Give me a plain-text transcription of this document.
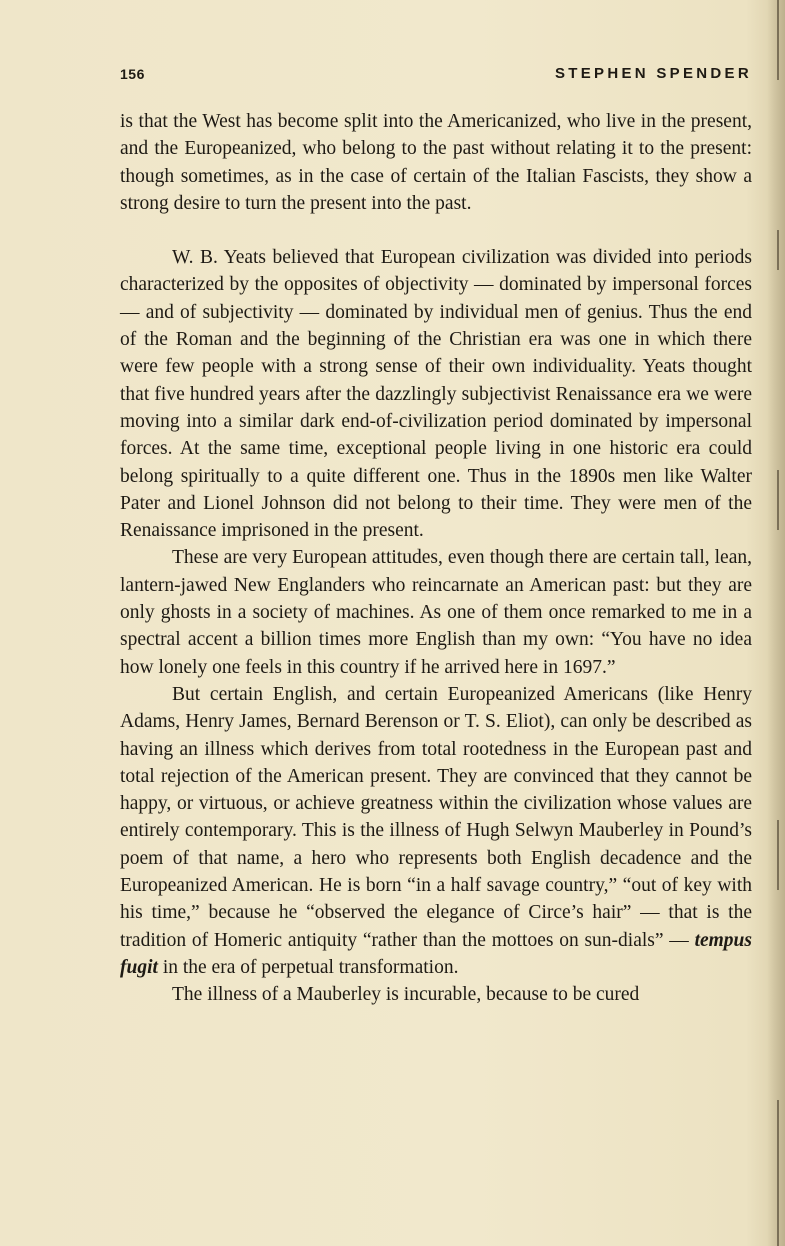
156	STEPHEN SPENDER

is that the West has become split into the Americanized, who live in the present, and the Europeanized, who belong to the past without relating it to the present: though sometimes, as in the case of certain of the Italian Fascists, they show a strong desire to turn the present into the past.

W. B. Yeats believed that European civilization was divided into periods characterized by the opposites of objectivity — dominated by impersonal forces — and of subjectivity — dominated by individual men of genius. Thus the end of the Roman and the beginning of the Christian era was one in which there were few people with a strong sense of their own individuality. Yeats thought that five hundred years after the dazzlingly subjectivist Renaissance era we were moving into a similar dark end-of-civilization period dominated by impersonal forces. At the same time, exceptional people living in one historic era could belong spiritually to a quite different one. Thus in the 1890s men like Walter Pater and Lionel Johnson did not belong to their time. They were men of the Renaissance imprisoned in the present.

These are very European attitudes, even though there are certain tall, lean, lantern-jawed New Englanders who reincarnate an American past: but they are only ghosts in a society of machines. As one of them once remarked to me in a spectral accent a billion times more English than my own: “You have no idea how lonely one feels in this country if he arrived here in 1697.”

But certain English, and certain Europeanized Americans (like Henry Adams, Henry James, Bernard Berenson or T. S. Eliot), can only be described as having an illness which derives from total rootedness in the European past and total rejection of the American present. They are convinced that they cannot be happy, or virtuous, or achieve greatness within the civilization whose values are entirely contemporary. This is the illness of Hugh Selwyn Mauberley in Pound’s poem of that name, a hero who represents both English decadence and the Europeanized American. He is born “in a half savage country,” “out of key with his time,” because he “observed the elegance of Circe’s hair” — that is the tradition of Homeric antiquity “rather than the mottoes on sun-dials” — tempus fugit in the era of perpetual transformation.

The illness of a Mauberley is incurable, because to be cured
